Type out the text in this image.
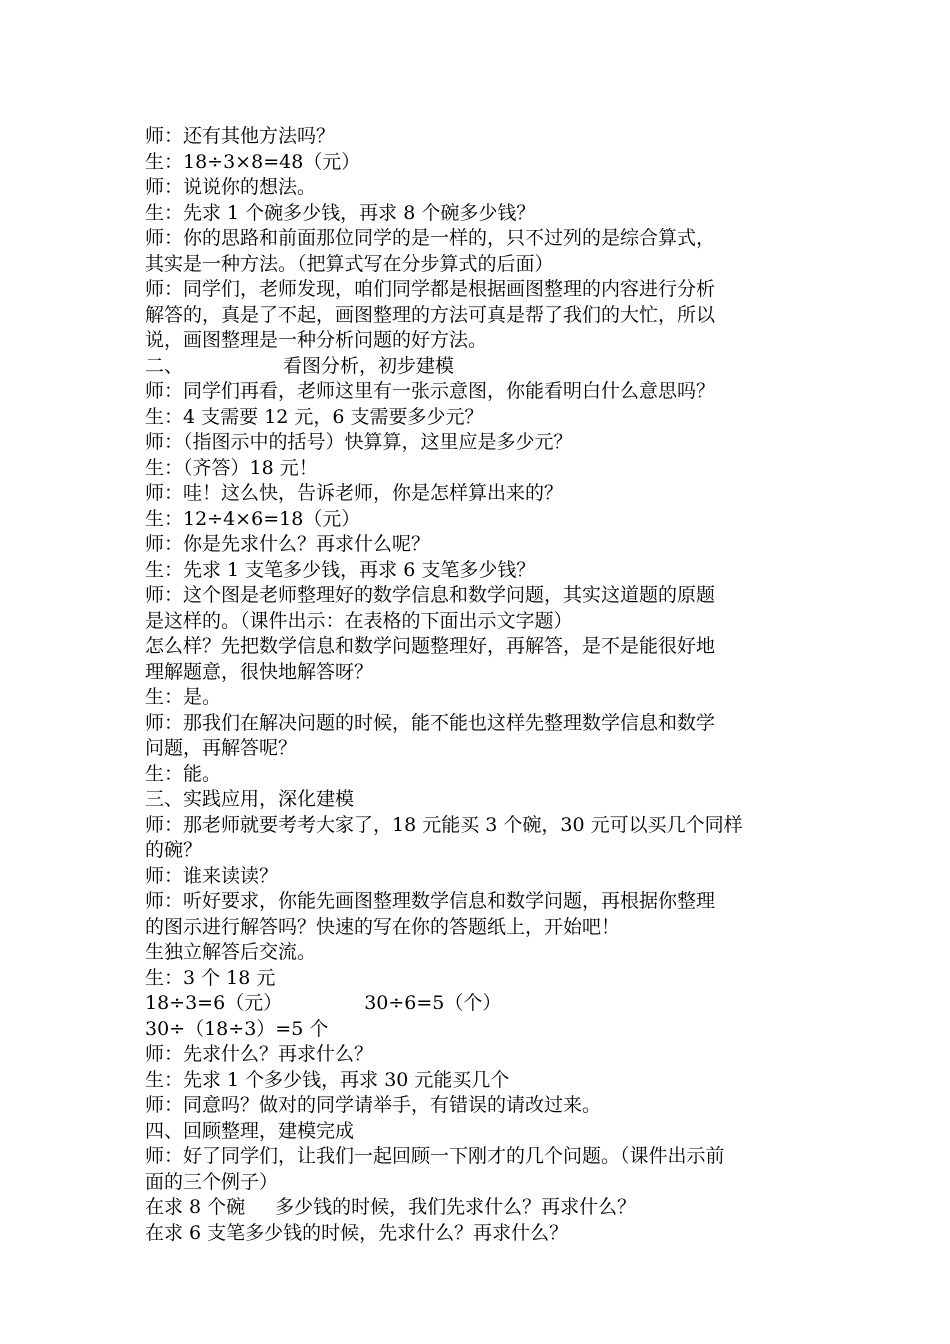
师：还有其他方法吗？
生：18÷3×8=48（元）
师：说说你的想法。
生：先求 1 个碗多少钱，再求 8 个碗多少钱？
师：你的思路和前面那位同学的是一样的，只不过列的是综合算式，
其实是一种方法。（把算式写在分步算式的后面）
师：同学们，老师发现，咱们同学都是根据画图整理的内容进行分析
解答的，真是了不起，画图整理的方法可真是帮了我们的大忙，所以
说，画图整理是一种分析问题的好方法。
二、	看图分析，初步建模
师：同学们再看，老师这里有一张示意图，你能看明白什么意思吗？
生：4 支需要 12 元，6 支需要多少元？
师：（指图示中的括号）快算算，这里应是多少元？
生：（齐答）18 元！
师：哇！这么快，告诉老师，你是怎样算出来的？
生：12÷4×6=18（元）
师：你是先求什么？再求什么呢？
生：先求 1 支笔多少钱，再求 6 支笔多少钱？
师：这个图是老师整理好的数学信息和数学问题，其实这道题的原题
是这样的。（课件出示：在表格的下面出示文字题）
怎么样？先把数学信息和数学问题整理好，再解答，是不是能很好地
理解题意，很快地解答呀？
生：是。
师：那我们在解决问题的时候，能不能也这样先整理数学信息和数学
问题，再解答呢？
生：能。
三、实践应用，深化建模
师：那老师就要考考大家了，18 元能买 3 个碗，30 元可以买几个同样
的碗？
师：谁来读读？
师：听好要求，你能先画图整理数学信息和数学问题，再根据你整理
的图示进行解答吗？快速的写在你的答题纸上，开始吧！
生独立解答后交流。
生：3 个 18 元
18÷3=6（元）	30÷6=5（个）
30÷（18÷3）=5 个
师：先求什么？再求什么？
生：先求 1 个多少钱，再求 30 元能买几个
师：同意吗？做对的同学请举手，有错误的请改过来。
四、回顾整理，建模完成
师：好了同学们，让我们一起回顾一下刚才的几个问题。（课件出示前
面的三个例子）
在求 8 个碗 多少钱的时候，我们先求什么？再求什么？
在求 6 支笔多少钱的时候，先求什么？再求什么？
